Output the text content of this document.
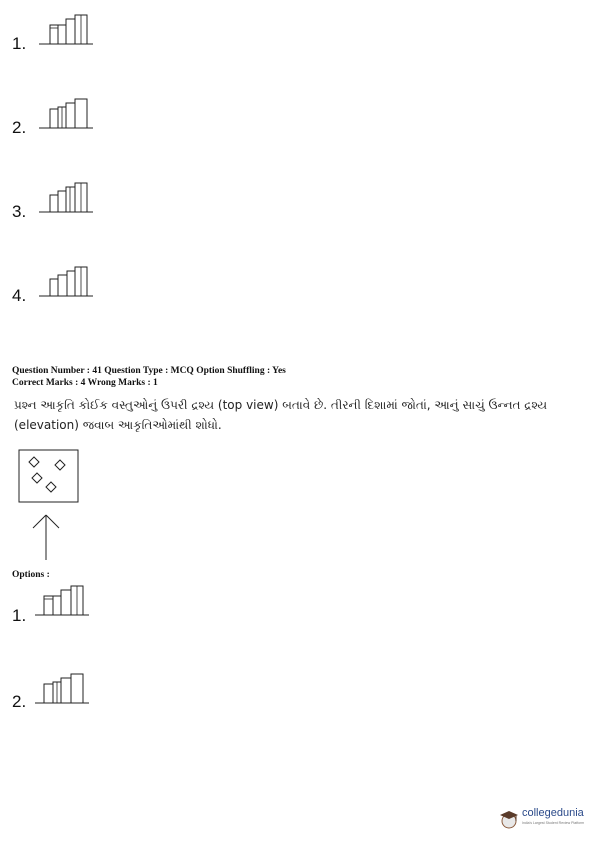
1.
2.
3.
4.
Question Number : 41 Question Type : MCQ Option Shuffling : Yes
Correct Marks : 4 Wrong Marks : 1
પ્રશ્ન આકૃતિ કોઈક વસ્તુઓનું ઉપરી દ્રશ્ય (top view) બતાવે છે. તીરની દિશામાં જોતાં, આનું સાચું ઉન્નત દ્રશ્ય
(elevation) જવાબ આકૃતિઓમાંથી શોધો.
Options :
1.
2.
collegedunia
India's Largest Student Review Platform
